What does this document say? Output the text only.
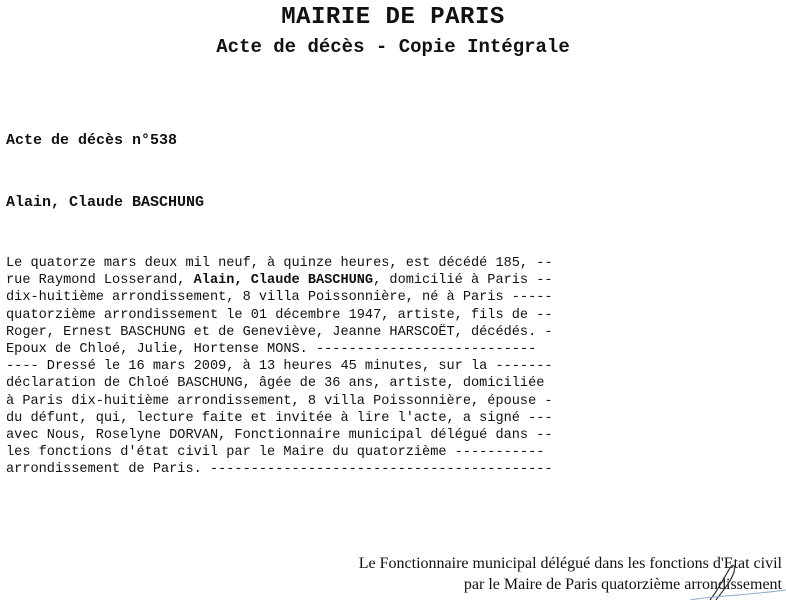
MAIRIE DE PARIS
Acte de décès - Copie Intégrale
Acte de décès n°538
Alain, Claude BASCHUNG
Le quatorze mars deux mil neuf, à quinze heures, est décédé 185, --
rue Raymond Losserand, Alain, Claude BASCHUNG, domicilié à Paris --
dix-huitième arrondissement, 8 villa Poissonnière, né à Paris -----
quatorzième arrondissement le 01 décembre 1947, artiste, fils de --
Roger, Ernest BASCHUNG et de Geneviève, Jeanne HARSCOËT, décédés. -
Epoux de Chloé, Julie, Hortense MONS. ---------------------------
---- Dressé le 16 mars 2009, à 13 heures 45 minutes, sur la -------
déclaration de Chloé BASCHUNG, âgée de 36 ans, artiste, domiciliée
à Paris dix-huitième arrondissement, 8 villa Poissonnière, épouse -
du défunt, qui, lecture faite et invitée à lire l'acte, a signé ---
avec Nous, Roselyne DORVAN, Fonctionnaire municipal délégué dans --
les fonctions d'état civil par le Maire du quatorzième -----------
arrondissement de Paris. ------------------------------------------
Le Fonctionnaire municipal délégué dans les fonctions d'Etat civil
par le Maire de Paris quatorzième arrondissement
